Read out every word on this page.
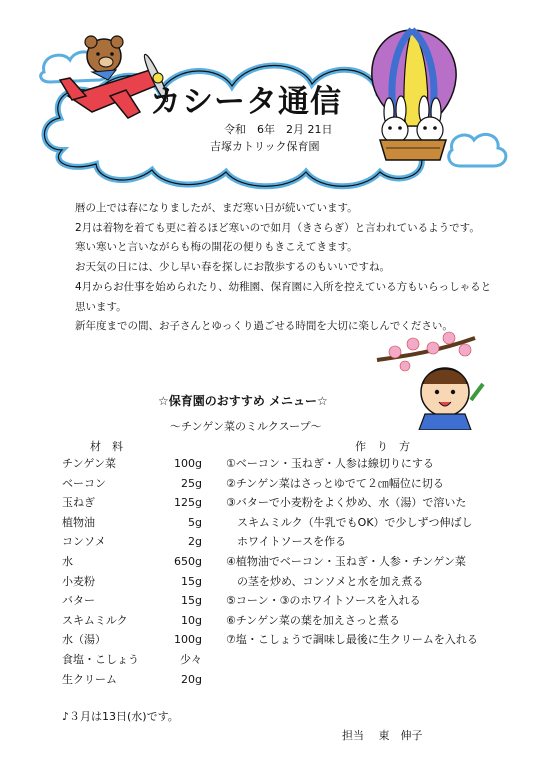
カシータ通信
令和　6年　2月 21日
吉塚カトリック保育園
暦の上では春になりましたが、まだ寒い日が続いています。
2月は着物を着ても更に着るほど寒いので如月（きさらぎ）と言われているようです。
寒い寒いと言いながらも梅の開花の便りもきこえてきます。
お天気の日には、少し早い春を探しにお散歩するのもいいですね。
4月からお仕事を始められたり、幼稚園、保育園に入所を控えている方もいらっしゃると
思います。
新年度までの間、お子さんとゆっくり過ごせる時間を大切に楽しんでください。
☆保育園のおすすめ メニュー☆
～チンゲン菜のミルクスープ～
材　料	作　り　方
チンゲン菜	100g
ベーコン	25g
玉ねぎ	125g
植物油	5g
コンソメ	2g
水	650g
小麦粉	15g
バター	15g
スキムミルク	10g
水（湯）	100g
食塩・こしょう	少々
生クリーム	20g
①ベーコン・玉ねぎ・人参は線切りにする
②チンゲン菜はさっとゆでて２㎝幅位に切る
③バターで小麦粉をよく炒め、水（湯）で溶いた
　スキムミルク（牛乳でもOK）で少しずつ伸ばし
　ホワイトソースを作る
④植物油でベーコン・玉ねぎ・人参・チンゲン菜
　の茎を炒め、コンソメと水を加え煮る
⑤コーン・③のホワイトソースを入れる
⑥チンゲン菜の葉を加えさっと煮る
⑦塩・こしょうで調味し最後に生クリームを入れる
♪３月は13日(水)です。
担当　 東　伸子
